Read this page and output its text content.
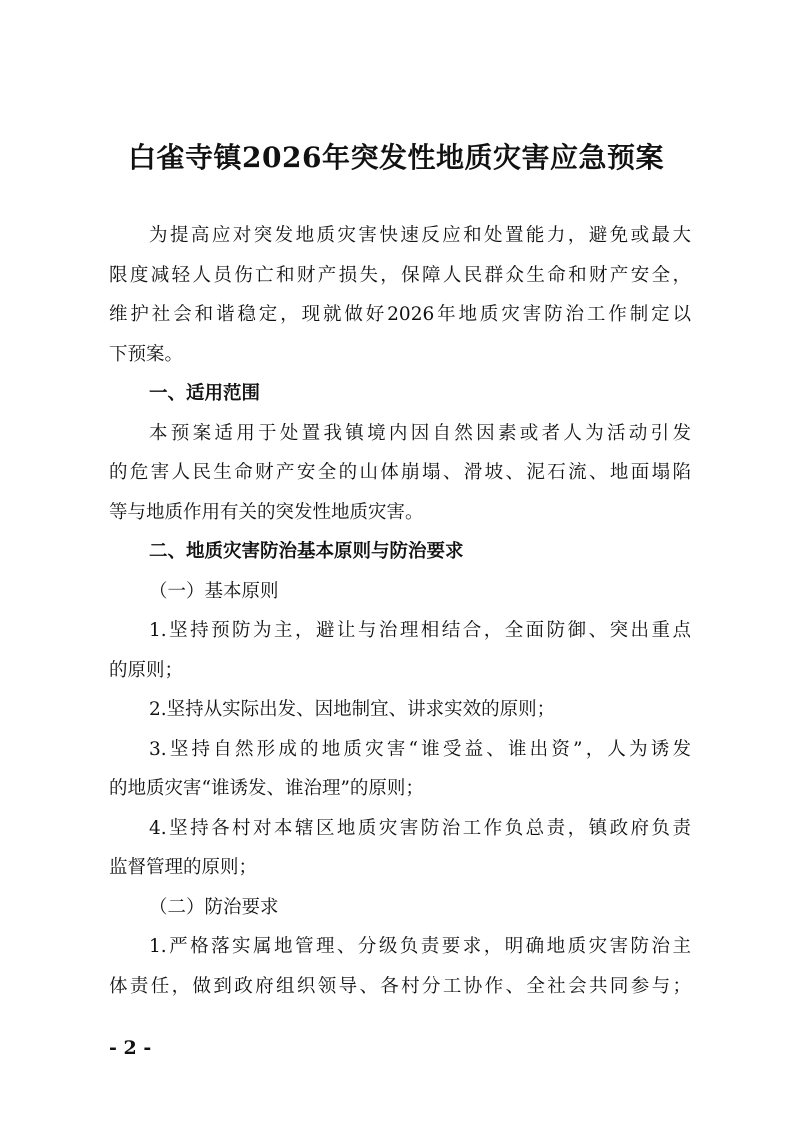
白雀寺镇2026年突发性地质灾害应急预案
为提高应对突发地质灾害快速反应和处置能力，避免或最大
限度减轻人员伤亡和财产损失，保障人民群众生命和财产安全，
维护社会和谐稳定，现就做好2026年地质灾害防治工作制定以
下预案。
一、适用范围
本预案适用于处置我镇境内因自然因素或者人为活动引发
的危害人民生命财产安全的山体崩塌、滑坡、泥石流、地面塌陷
等与地质作用有关的突发性地质灾害。
二、地质灾害防治基本原则与防治要求
（一）基本原则
1.坚持预防为主，避让与治理相结合，全面防御、突出重点
的原则；
2.坚持从实际出发、因地制宜、讲求实效的原则；
3.坚持自然形成的地质灾害“谁受益、谁出资”，人为诱发
的地质灾害“谁诱发、谁治理”的原则；
4.坚持各村对本辖区地质灾害防治工作负总责，镇政府负责
监督管理的原则；
（二）防治要求
1.严格落实属地管理、分级负责要求，明确地质灾害防治主
体责任，做到政府组织领导、各村分工协作、全社会共同参与；
- 2 -
